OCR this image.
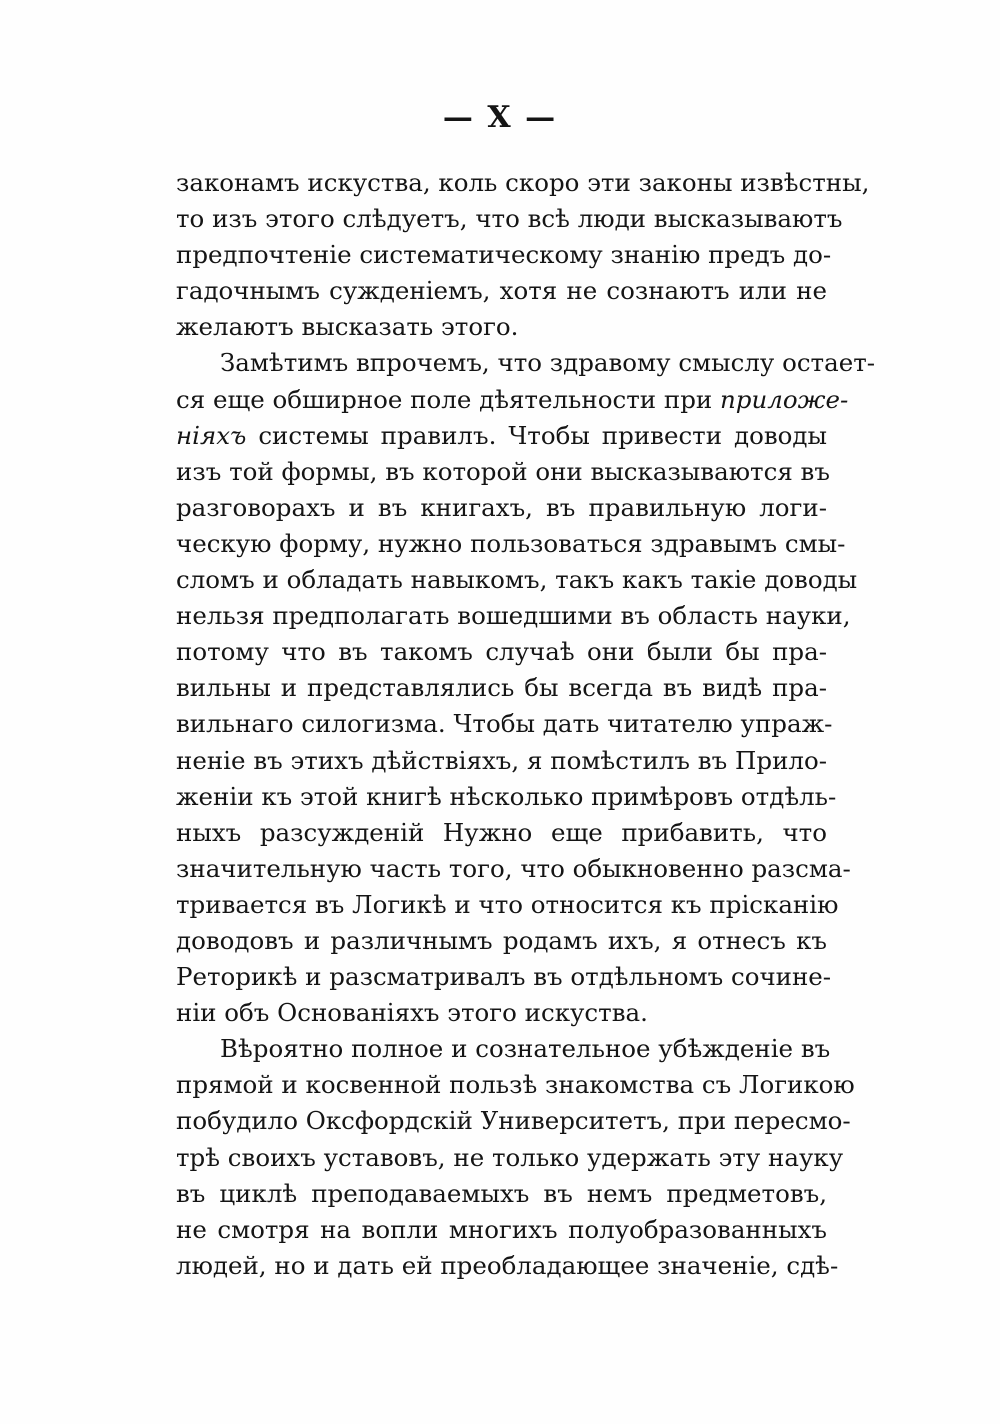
— X —
законамъ искуства, коль скоро эти законы извѣстны,
то изъ этого слѣдуетъ, что всѣ люди высказываютъ
предпочтеніе систематическому знанію предъ до-
гадочнымъ сужденіемъ, хотя не сознаютъ или не
желаютъ высказать этого.
Замѣтимъ впрочемъ, что здравому смыслу остает-
ся еще обширное поле дѣятельности при приложе-
ніяхъ системы правилъ. Чтобы привести доводы
изъ той формы, въ которой они высказываются въ
разговорахъ и въ книгахъ, въ правильную логи-
ческую форму, нужно пользоваться здравымъ смы-
сломъ и обладать навыкомъ, такъ какъ такіе доводы
нельзя предполагать вошедшими въ область науки,
потому что въ такомъ случаѣ они были бы пра-
вильны и представлялись бы всегда въ видѣ пра-
вильнаго силогизма. Чтобы дать читателю упраж-
неніе въ этихъ дѣйствіяхъ, я помѣстилъ въ Прило-
женіи къ этой книгѣ нѣсколько примѣровъ отдѣль-
ныхъ разсужденій Нужно еще прибавить, что
значительную часть того, что обыкновенно разсма-
тривается въ Логикѣ и что относится къ прісканію
доводовъ и различнымъ родамъ ихъ, я отнесъ къ
Реторикѣ и разсматривалъ въ отдѣльномъ сочине-
ніи объ Основаніяхъ этого искуства.
Вѣроятно полное и сознательное убѣжденіе въ
прямой и косвенной пользѣ знакомства съ Логикою
побудило Оксфордскій Университетъ, при пересмо-
трѣ своихъ уставовъ, не только удержать эту науку
въ циклѣ преподаваемыхъ въ немъ предметовъ,
не смотря на вопли многихъ полуобразованныхъ
людей, но и дать ей преобладающее значеніе, сдѣ-
